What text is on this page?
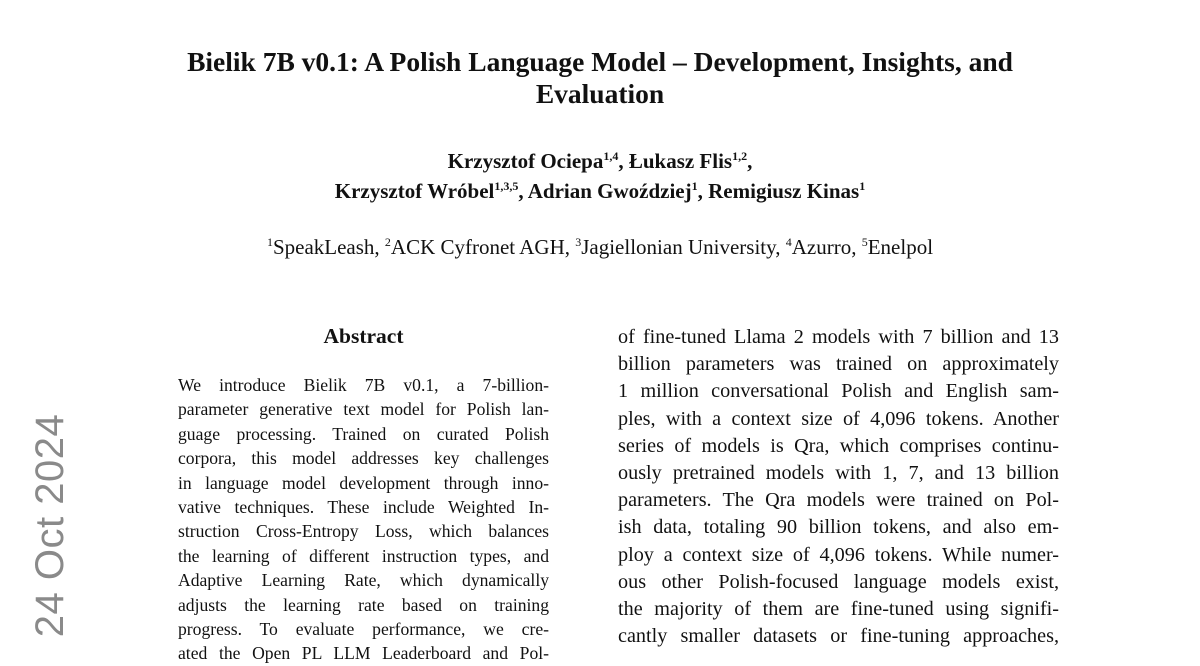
24 Oct 2024
Bielik 7B v0.1: A Polish Language Model – Development, Insights, and
Evaluation
Krzysztof Ociepa$^{1,4}$, Łukasz Flis$^{1,2}$,
Krzysztof Wróbel$^{1,3,5}$, Adrian Gwoździej$^1$, Remigiusz Kinas$^1$
$^1$SpeakLeash, $^2$ACK Cyfronet AGH, $^3$Jagiellonian University, $^4$Azurro, $^5$Enelpol
Abstract
We introduce Bielik 7B v0.1, a 7-billion-
parameter generative text model for Polish lan-
guage processing. Trained on curated Polish
corpora, this model addresses key challenges
in language model development through inno-
vative techniques. These include Weighted In-
struction Cross-Entropy Loss, which balances
the learning of different instruction types, and
Adaptive Learning Rate, which dynamically
adjusts the learning rate based on training
progress. To evaluate performance, we cre-
ated the Open PL LLM Leaderboard and Pol-
of fine-tuned Llama 2 models with 7 billion and 13
billion parameters was trained on approximately
1 million conversational Polish and English sam-
ples, with a context size of 4,096 tokens. Another
series of models is Qra, which comprises continu-
ously pretrained models with 1, 7, and 13 billion
parameters. The Qra models were trained on Pol-
ish data, totaling 90 billion tokens, and also em-
ploy a context size of 4,096 tokens. While numer-
ous other Polish-focused language models exist,
the majority of them are fine-tuned using signifi-
cantly smaller datasets or fine-tuning approaches,
